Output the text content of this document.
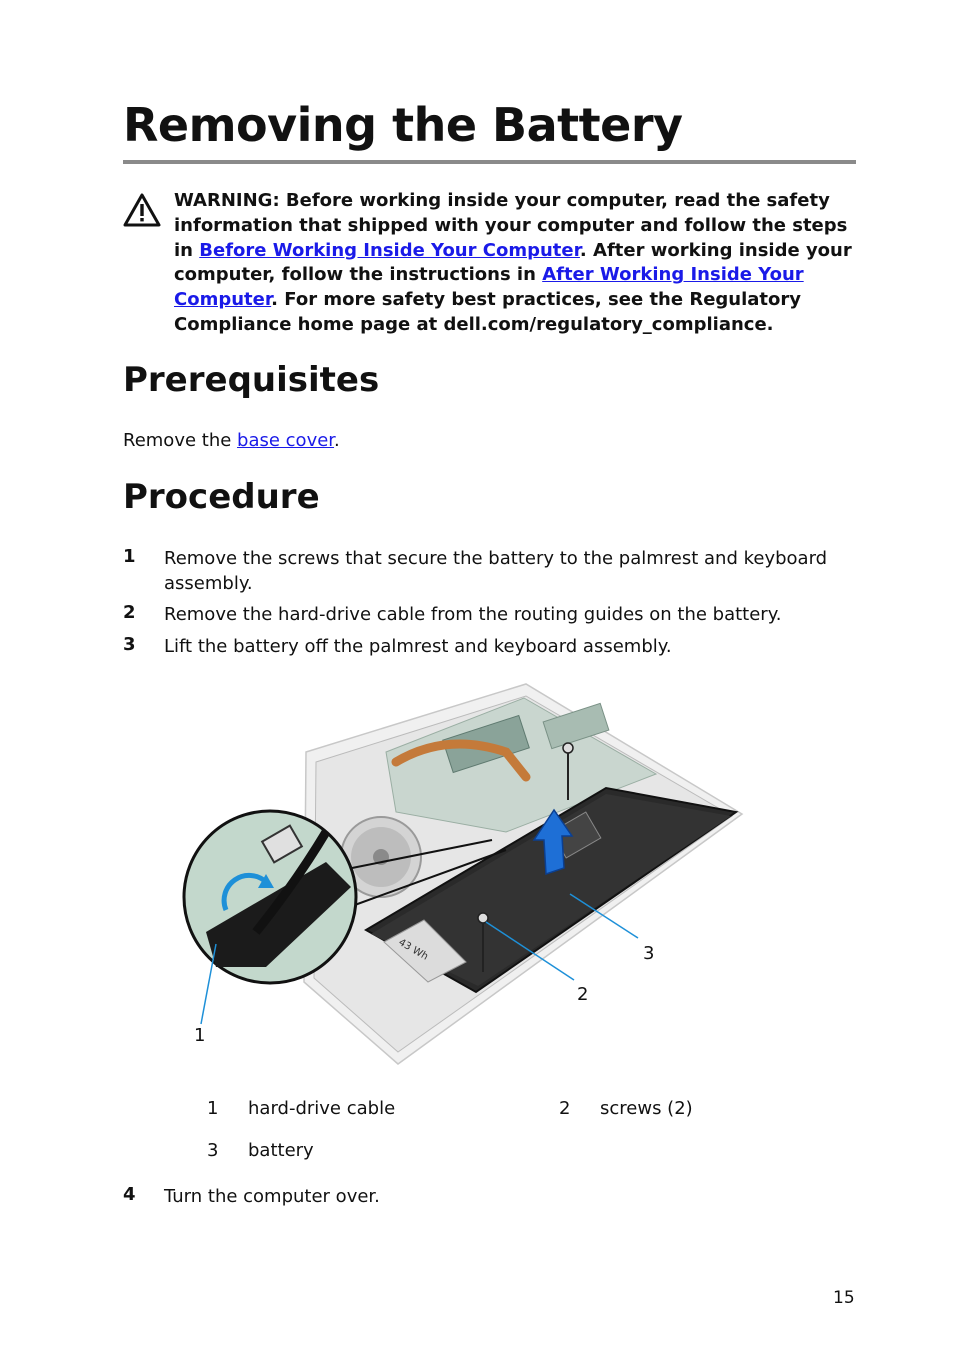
Removing the Battery

WARNING: Before working inside your computer, read the safety information that shipped with your computer and follow the steps in Before Working Inside Your Computer. After working inside your computer, follow the instructions in After Working Inside Your Computer. For more safety best practices, see the Regulatory Compliance home page at dell.com/regulatory_compliance.

Prerequisites

Remove the base cover.

Procedure
1 Remove the screws that secure the battery to the palmrest and keyboard assembly.

2 Remove the hard-drive cable from the routing guides on the battery.

3 Lift the battery off the palmrest and keyboard assembly.

43 Wh
1
2
3
1 hard-drive cable	2 screws (2)
3 battery
4 Turn the computer over.

15
